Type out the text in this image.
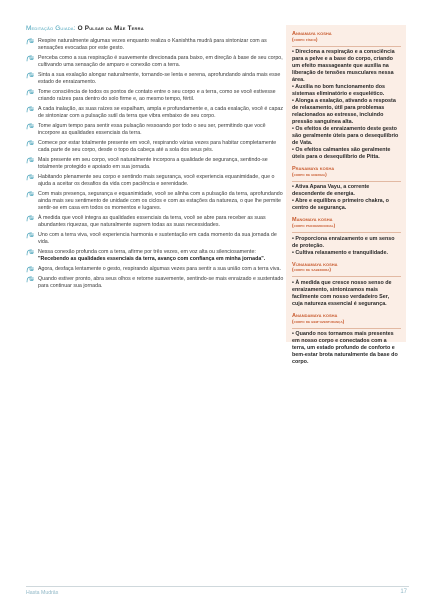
Meditação Guiada: O Pulsar da Mãe Terra
Respire naturalmente algumas vezes enquanto realiza o Kanishtha mudrā para sintonizar com as sensações evocadas por este gesto.
Perceba como a sua respiração é suavemente direcionada para baixo, em direção à base de seu corpo, cultivando uma sensação de amparo e conexão com a terra.
Sinta a sua exalação alongar naturalmente, tornando-se lenta e serena, aprofundando ainda mais esse estado de enraizamento.
Tome consciência de todos os pontos de contato entre o seu corpo e a terra, como se você estivesse criando raízes para dentro do solo firme e, ao mesmo tempo, fértil.
A cada inalação, as suas raízes se espalham, ampla e profundamente e, a cada exalação, você é capaz de sintonizar com a pulsação sutil da terra que vibra embaixo de seu corpo.
Tome algum tempo para sentir essa pulsação ressoando por todo o seu ser, permitindo que você incorpore as qualidades essenciais da terra.
Comece por estar totalmente presente em você, respirando várias vezes para habitar completamente cada parte de seu corpo, desde o topo da cabeça até a sola dos seus pés.
Mais presente em seu corpo, você naturalmente incorpora a qualidade de segurança, sentindo-se totalmente protegido e apoiado em sua jornada.
Habitando plenamente seu corpo e sentindo mais segurança, você experiencia equanimidade, que o ajuda a aceitar os desafios da vida com paciência e serenidade.
Com mais presença, segurança e equanimidade, você se alinha com a pulsação da terra, aprofundando ainda mais seu sentimento de unidade com os ciclos e com as estações da natureza, o que lhe permite sentir-se em casa em todos os momentos e lugares.
À medida que você integra as qualidades essenciais da terra, você se abre para receber as suas abundantes riquezas, que naturalmente suprem todas as suas necessidades.
Uno com a terra viva, você experiencia harmonia e sustentação em cada momento da sua jornada de vida.
Nessa conexão profunda com a terra, afirme por três vezes, em voz alta ou silenciosamente: "Recebendo as qualidades essenciais da terra, avanço com confiança em minha jornada".
Agora, desfaça lentamente o gesto, respirando algumas vezes para sentir a sua união com a terra viva.
Quando estiver pronto, abra seus olhos e retorne suavemente, sentindo-se mais enraizado e sustentado para continuar sua jornada.
Annamaya kosha
(corpo físico)
• Direciona a respiração e a consciência para a pelve e a base do corpo, criando um efeito massageante que auxilia na liberação de tensões musculares nessa área.
• Auxilia no bom funcionamento dos sistemas eliminatório e esquelético.
• Alonga a exalação, ativando a resposta de relaxamento, útil para problemas relacionados ao estresse, incluindo pressão sanguínea alta.
• Os efeitos de enraizamento deste gesto são geralmente úteis para o desequilíbrio de Vata.
• Os efeitos calmantes são geralmente úteis para o desequilíbrio de Pitta.
Pranamaya kosha
(corpo de energia)
• Ativa Apana Vayu, a corrente descendente de energia.
• Abre e equilibra o primeiro chakra, o centro de segurança.
Manomaya kosha
(corpo psicoemocional)
• Proporciona enraizamento e um senso de proteção.
• Cultiva relaxamento e tranquilidade.
Vijnanamaya kosha
(corpo de sabedoria)
• À medida que cresce nosso senso de enraizamento, sintonizamos mais facilmente com nosso verdadeiro Ser, cuja natureza essencial é segurança.
Anandamaya kosha
(corpo de bem-aventurança)
• Quando nos tornamos mais presentes em nosso corpo e conectados com a terra, um estado profundo de conforto e bem-estar brota naturalmente da base do corpo.
Hasta Mudrās	17
